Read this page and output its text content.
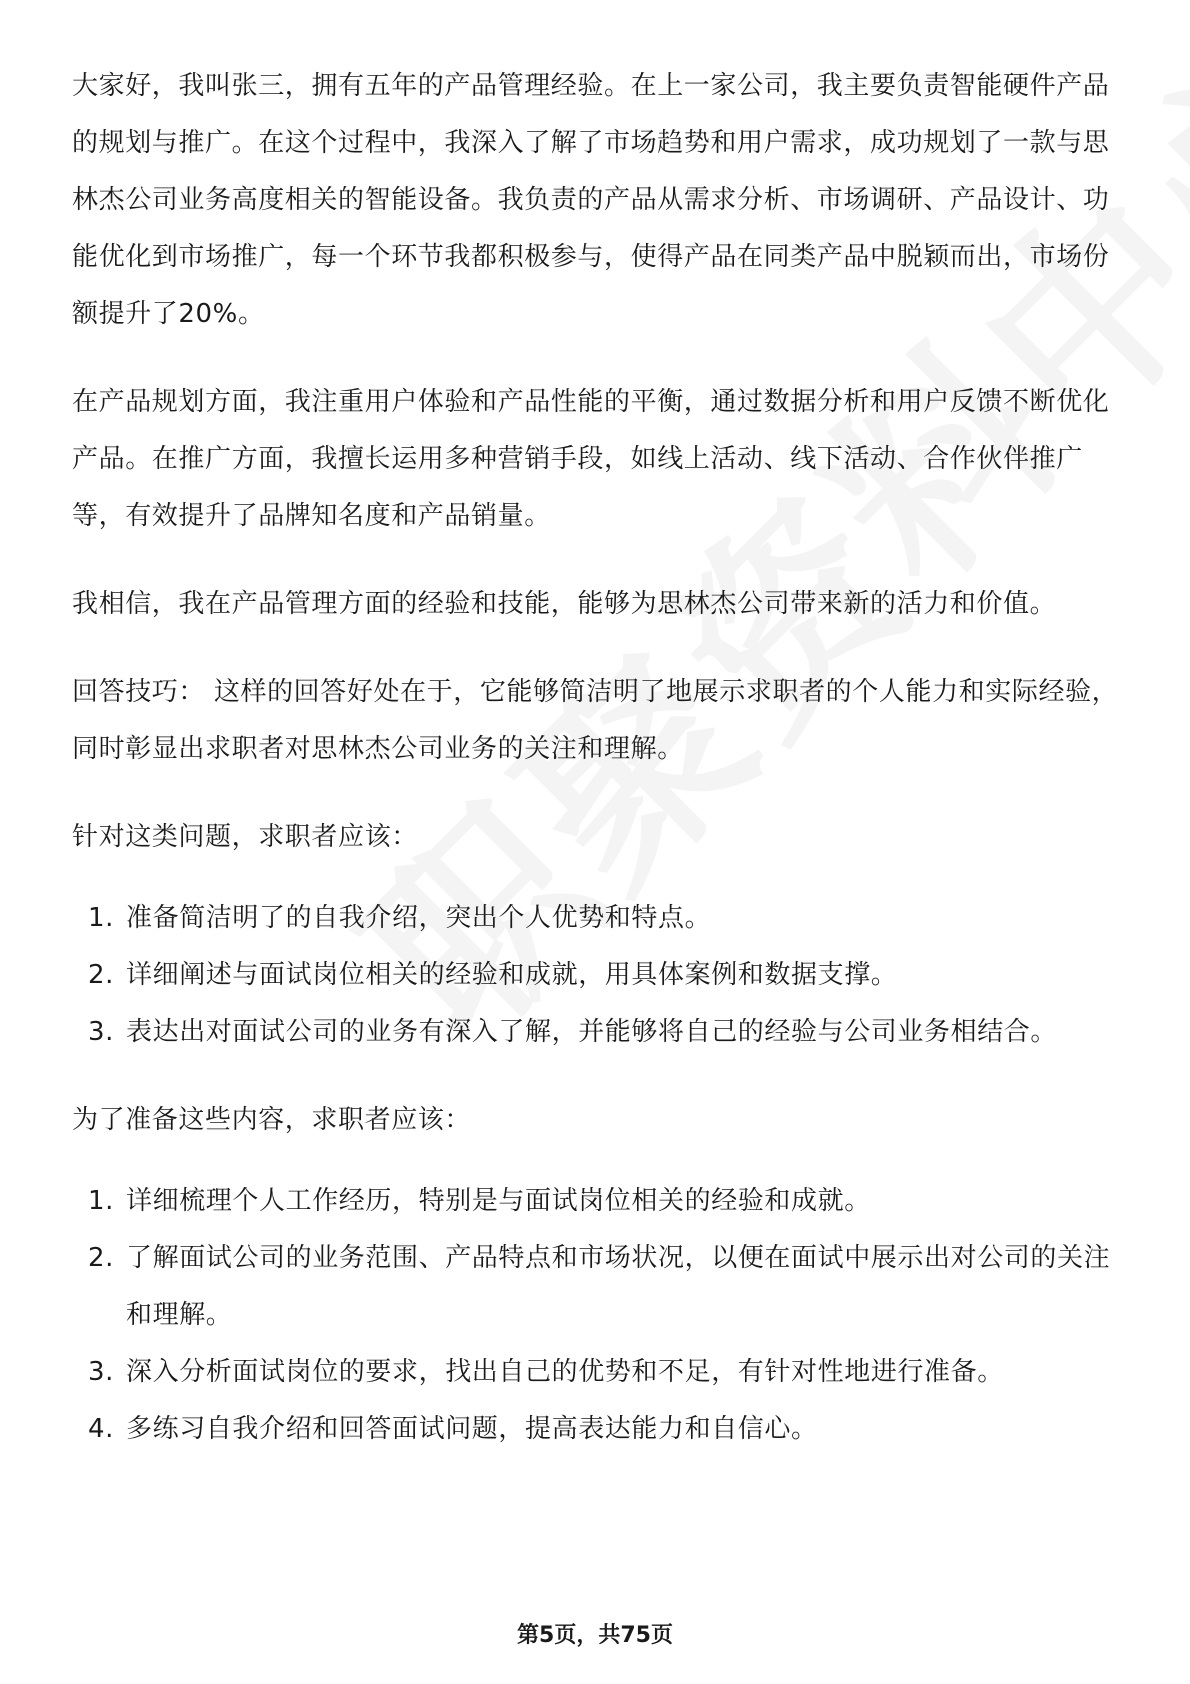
大家好，我叫张三，拥有五年的产品管理经验。在上一家公司，我主要负责智能硬件产品的规划与推广。在这个过程中，我深入了解了市场趋势和用户需求，成功规划了一款与思林杰公司业务高度相关的智能设备。我负责的产品从需求分析、市场调研、产品设计、功能优化到市场推广，每一个环节我都积极参与，使得产品在同类产品中脱颖而出，市场份额提升了20%。

在产品规划方面，我注重用户体验和产品性能的平衡，通过数据分析和用户反馈不断优化产品。在推广方面，我擅长运用多种营销手段，如线上活动、线下活动、合作伙伴推广等，有效提升了品牌知名度和产品销量。

我相信，我在产品管理方面的经验和技能，能够为思林杰公司带来新的活力和价值。

回答技巧： 这样的回答好处在于，它能够简洁明了地展示求职者的个人能力和实际经验，同时彰显出求职者对思林杰公司业务的关注和理解。

针对这类问题，求职者应该：

1. 准备简洁明了的自我介绍，突出个人优势和特点。
2. 详细阐述与面试岗位相关的经验和成就，用具体案例和数据支撑。
3. 表达出对面试公司的业务有深入了解，并能够将自己的经验与公司业务相结合。

为了准备这些内容，求职者应该：

1. 详细梳理个人工作经历，特别是与面试岗位相关的经验和成就。
2. 了解面试公司的业务范围、产品特点和市场状况，以便在面试中展示出对公司的关注和理解。
3. 深入分析面试岗位的要求，找出自己的优势和不足，有针对性地进行准备。
4. 多练习自我介绍和回答面试问题，提高表达能力和自信心。
第5页，共75页
